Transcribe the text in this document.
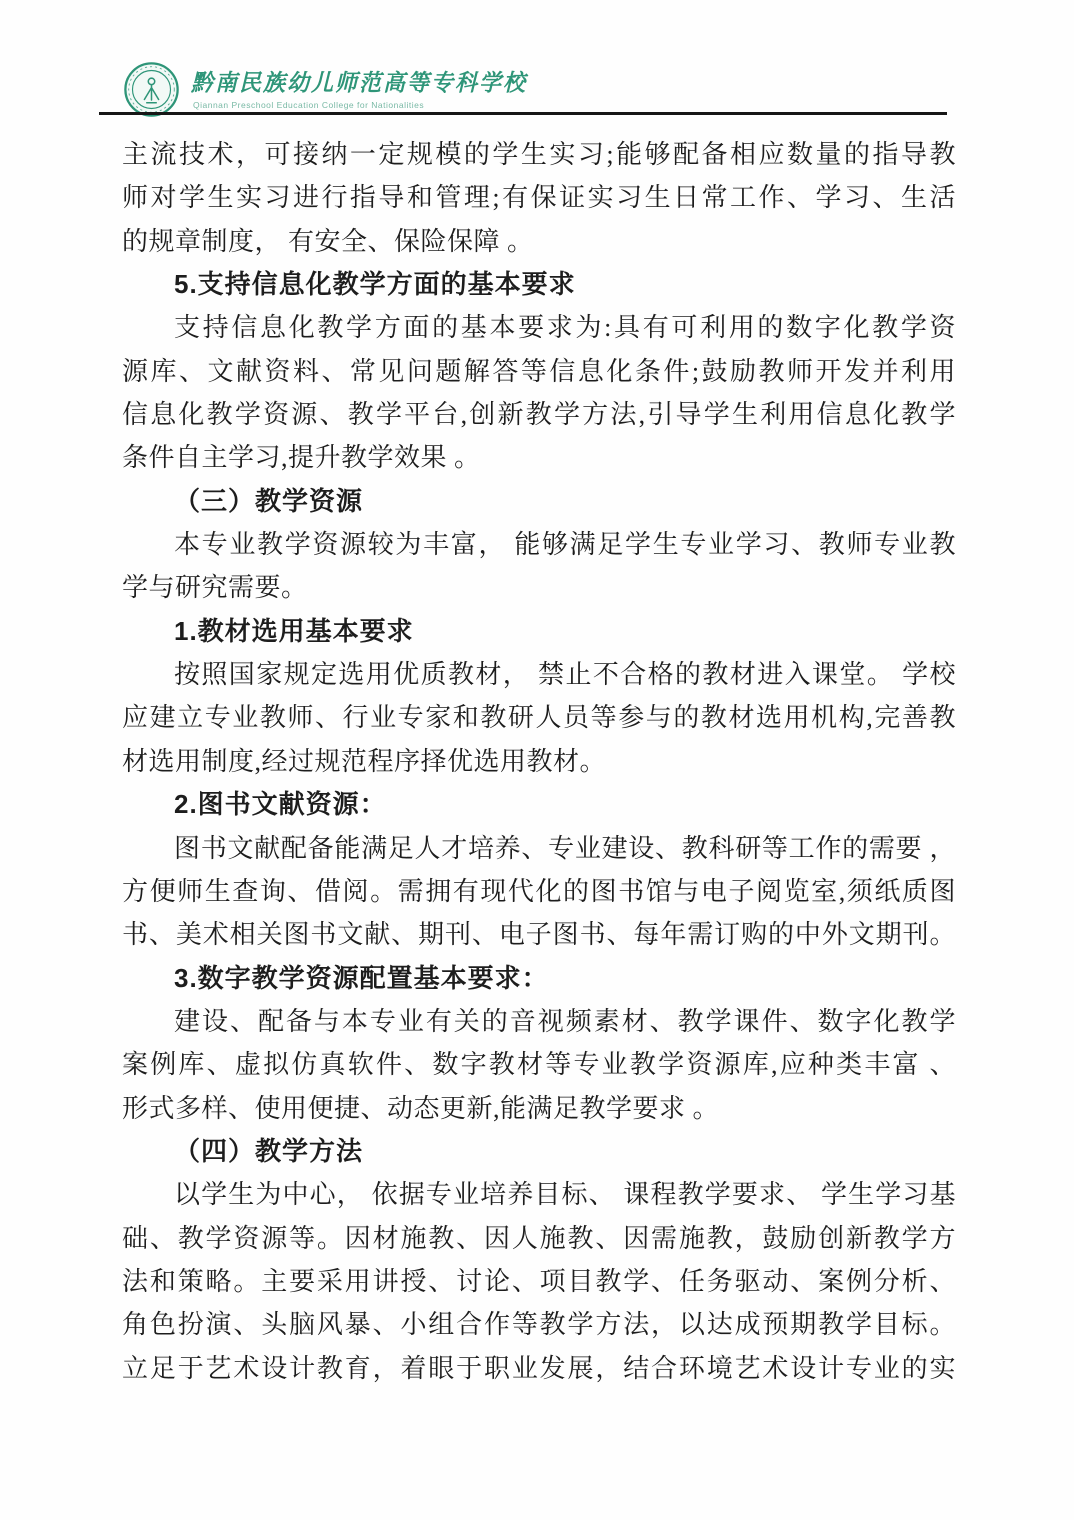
黔南民族幼儿师范高等专科学校
Qiannan Preschool Education College for Nationalities
主流技术，可接纳一定规模的学生实习;能够配备相应数量的指导教
师对学生实习进行指导和管理;有保证实习生日常工作、学习、生活
的规章制度， 有安全、保险保障 。
5.支持信息化教学方面的基本要求
支持信息化教学方面的基本要求为:具有可利用的数字化教学资
源库、文献资料、常见问题解答等信息化条件;鼓励教师开发并利用
信息化教学资源、教学平台,创新教学方法,引导学生利用信息化教学
条件自主学习,提升教学效果 。
（三）教学资源
本专业教学资源较为丰富， 能够满足学生专业学习、教师专业教
学与研究需要。
1.教材选用基本要求
按照国家规定选用优质教材， 禁止不合格的教材进入课堂。 学校
应建立专业教师、行业专家和教研人员等参与的教材选用机构,完善教
材选用制度,经过规范程序择优选用教材。
2.图书文献资源：
图书文献配备能满足人才培养、专业建设、教科研等工作的需要 ，
方便师生查询、借阅。需拥有现代化的图书馆与电子阅览室,须纸质图
书、美术相关图书文献、期刊、电子图书、每年需订购的中外文期刊。
3.数字教学资源配置基本要求：
建设、配备与本专业有关的音视频素材、教学课件、数字化教学
案例库、虚拟仿真软件、数字教材等专业教学资源库,应种类丰富 、
形式多样、使用便捷、动态更新,能满足教学要求 。
（四）教学方法
以学生为中心， 依据专业培养目标、 课程教学要求、 学生学习基
础、教学资源等。因材施教、因人施教、因需施教，鼓励创新教学方
法和策略。主要采用讲授、讨论、项目教学、任务驱动、案例分析、
角色扮演、头脑风暴、小组合作等教学方法，以达成预期教学目标。
立足于艺术设计教育，着眼于职业发展，结合环境艺术设计专业的实
